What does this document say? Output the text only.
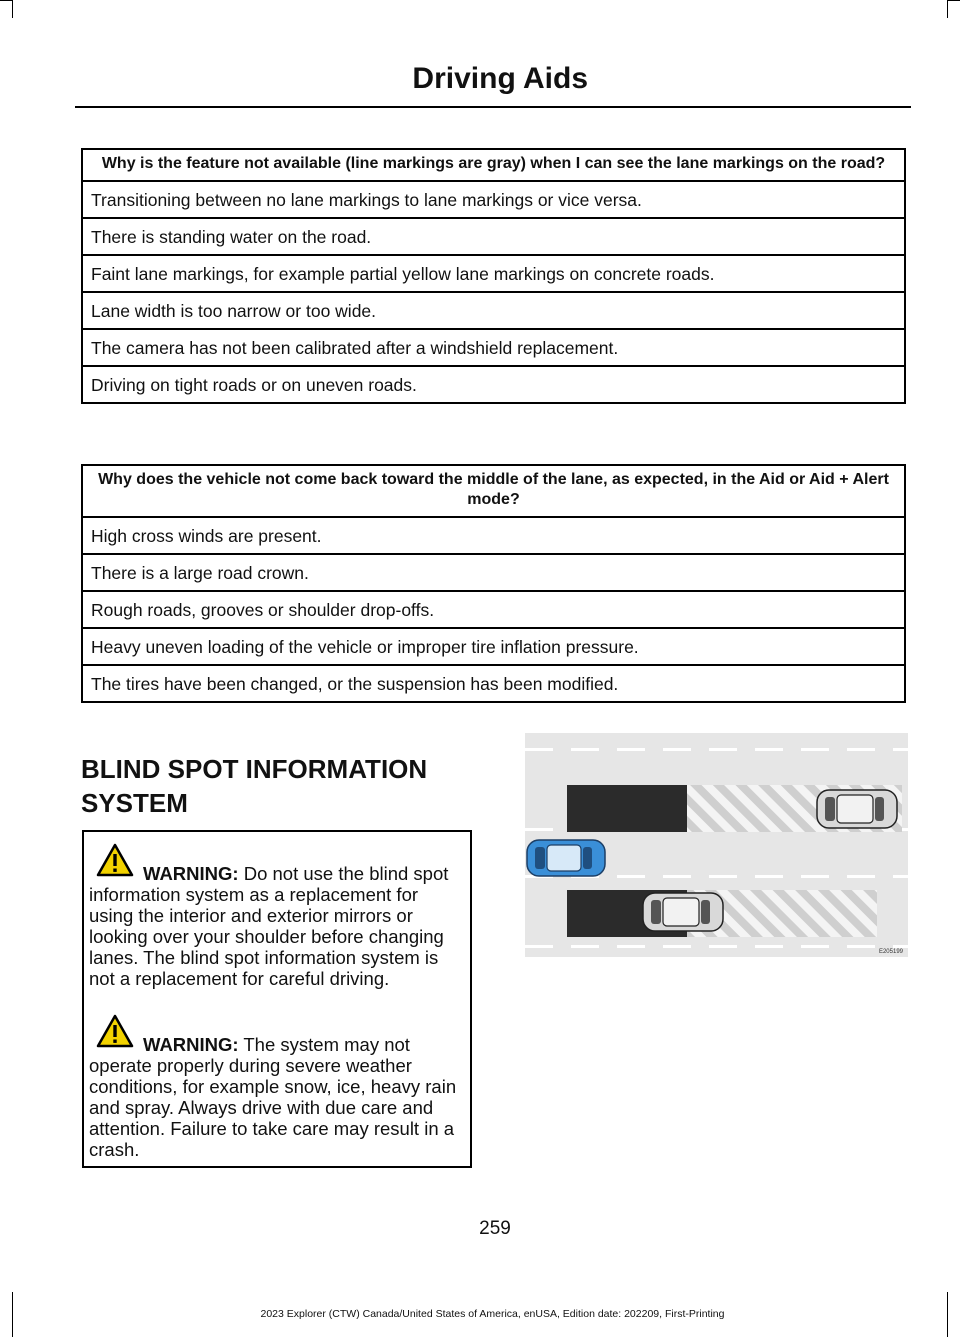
Driving Aids
Why is the feature not available (line markings are gray) when I can see the lane markings on the road?
Transitioning between no lane markings to lane markings or vice versa.
There is standing water on the road.
Faint lane markings, for example partial yellow lane markings on concrete roads.
Lane width is too narrow or too wide.
The camera has not been calibrated after a windshield replacement.
Driving on tight roads or on uneven roads.
Why does the vehicle not come back toward the middle of the lane, as expected, in the Aid or Aid + Alert mode?
High cross winds are present.
There is a large road crown.
Rough roads, grooves or shoulder drop-offs.
Heavy uneven loading of the vehicle or improper tire inflation pressure.
The tires have been changed, or the suspension has been modified.
BLIND SPOT INFORMATION
SYSTEM
WARNING: Do not use the blind spot information system as a replacement for using the interior and exterior mirrors or looking over your shoulder before changing lanes. The blind spot information system is not a replacement for careful driving.
WARNING: The system may not operate properly during severe weather conditions, for example snow, ice, heavy rain and spray. Always drive with due care and attention. Failure to take care may result in a crash.
E205199
259
2023 Explorer (CTW) Canada/United States of America, enUSA, Edition date: 202209, First-Printing
